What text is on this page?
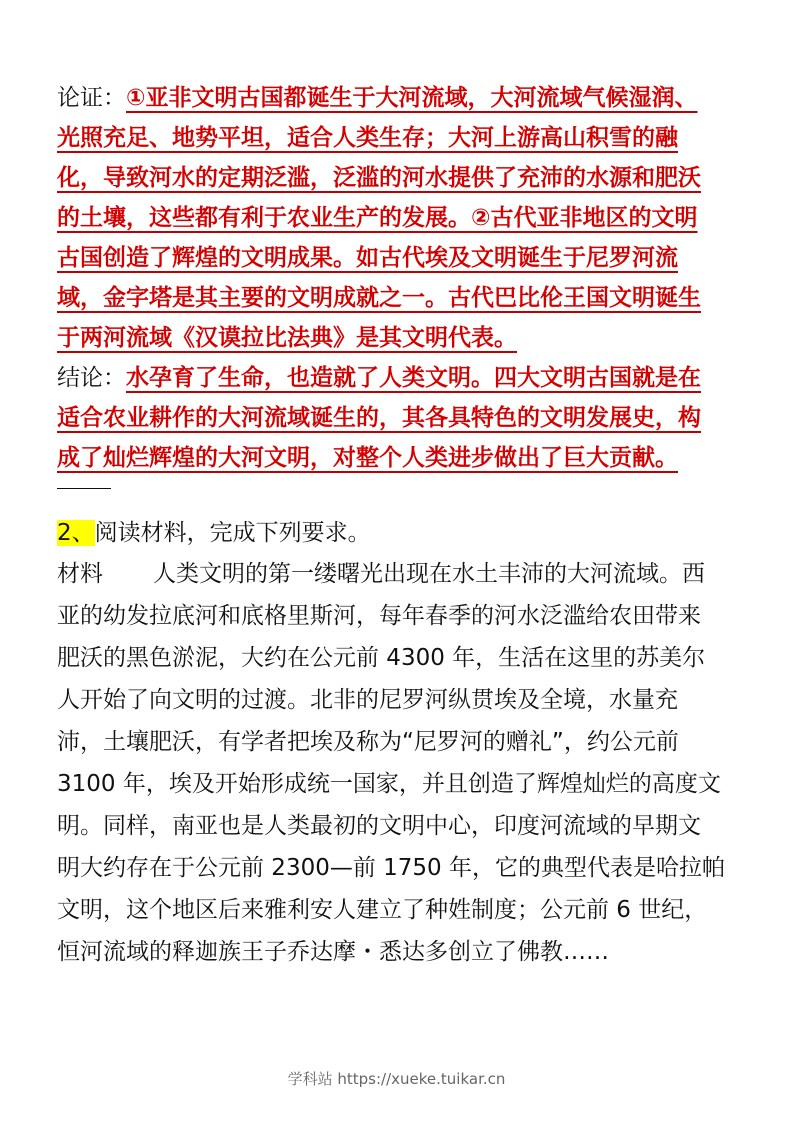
论证：①亚非文明古国都诞生于大河流域，大河流域气候湿润、
光照充足、地势平坦，适合人类生存；大河上游高山积雪的融
化，导致河水的定期泛滥，泛滥的河水提供了充沛的水源和肥沃
的土壤，这些都有利于农业生产的发展。②古代亚非地区的文明
古国创造了辉煌的文明成果。如古代埃及文明诞生于尼罗河流
域，金字塔是其主要的文明成就之一。古代巴比伦王国文明诞生
于两河流域《汉谟拉比法典》是其文明代表。
结论：水孕育了生命，也造就了人类文明。四大文明古国就是在
适合农业耕作的大河流域诞生的，其各具特色的文明发展史，构
成了灿烂辉煌的大河文明，对整个人类进步做出了巨大贡献。
2、阅读材料，完成下列要求。
材料 人类文明的第一缕曙光出现在水土丰沛的大河流域。西
亚的幼发拉底河和底格里斯河，每年春季的河水泛滥给农田带来
肥沃的黑色淤泥，大约在公元前 4300 年，生活在这里的苏美尔
人开始了向文明的过渡。北非的尼罗河纵贯埃及全境，水量充
沛，土壤肥沃，有学者把埃及称为“尼罗河的赠礼”，约公元前
3100 年，埃及开始形成统一国家，并且创造了辉煌灿烂的高度文
明。同样，南亚也是人类最初的文明中心，印度河流域的早期文
明大约存在于公元前 2300—前 1750 年，它的典型代表是哈拉帕
文明，这个地区后来雅利安人建立了种姓制度；公元前 6 世纪，
恒河流域的释迦族王子乔达摩・悉达多创立了佛教……
学科站 https://xueke.tuikar.cn
